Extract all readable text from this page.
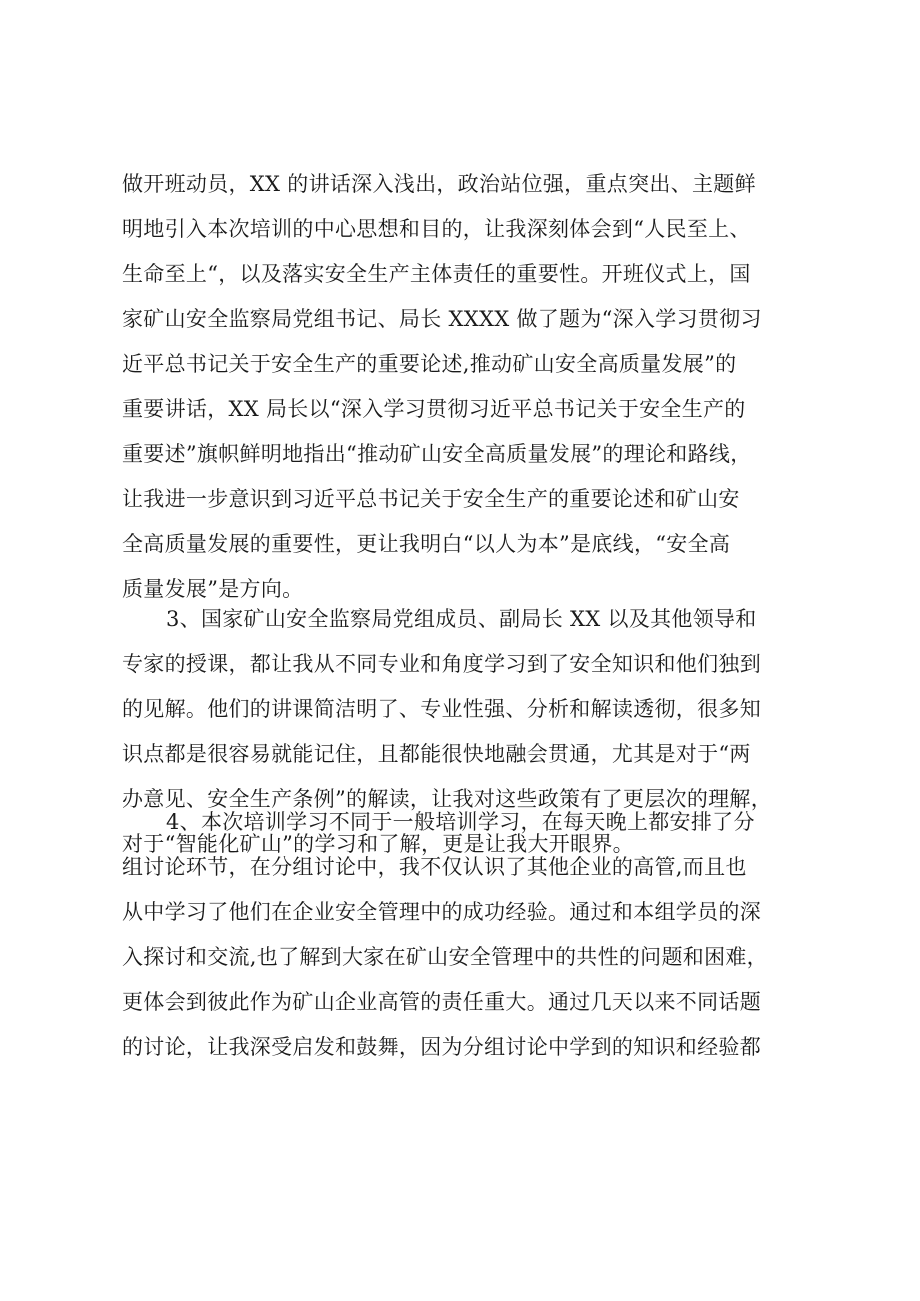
做开班动员，XX 的讲话深入浅出，政治站位强，重点突出、主题鲜
明地引入本次培训的中心思想和目的，让我深刻体会到“人民至上、
生命至上“，以及落实安全生产主体责任的重要性。开班仪式上，国
家矿山安全监察局党组书记、局长 XXXX 做了题为“深入学习贯彻习
近平总书记关于安全生产的重要论述,推动矿山安全高质量发展”的
重要讲话，XX 局长以“深入学习贯彻习近平总书记关于安全生产的
重要述”旗帜鲜明地指出“推动矿山安全高质量发展”的理论和路线，
让我进一步意识到习近平总书记关于安全生产的重要论述和矿山安
全高质量发展的重要性，更让我明白“以人为本”是底线，“安全高
质量发展”是方向。
3、国家矿山安全监察局党组成员、副局长 XX 以及其他领导和
专家的授课，都让我从不同专业和角度学习到了安全知识和他们独到
的见解。他们的讲课简洁明了、专业性强、分析和解读透彻，很多知
识点都是很容易就能记住，且都能很快地融会贯通，尤其是对于“两
办意见、安全生产条例”的解读，让我对这些政策有了更层次的理解，
对于“智能化矿山”的学习和了解，更是让我大开眼界。
4、本次培训学习不同于一般培训学习，在每天晚上都安排了分
组讨论环节，在分组讨论中，我不仅认识了其他企业的高管,而且也
从中学习了他们在企业安全管理中的成功经验。通过和本组学员的深
入探讨和交流,也了解到大家在矿山安全管理中的共性的问题和困难，
更体会到彼此作为矿山企业高管的责任重大。通过几天以来不同话题
的讨论，让我深受启发和鼓舞，因为分组讨论中学到的知识和经验都
